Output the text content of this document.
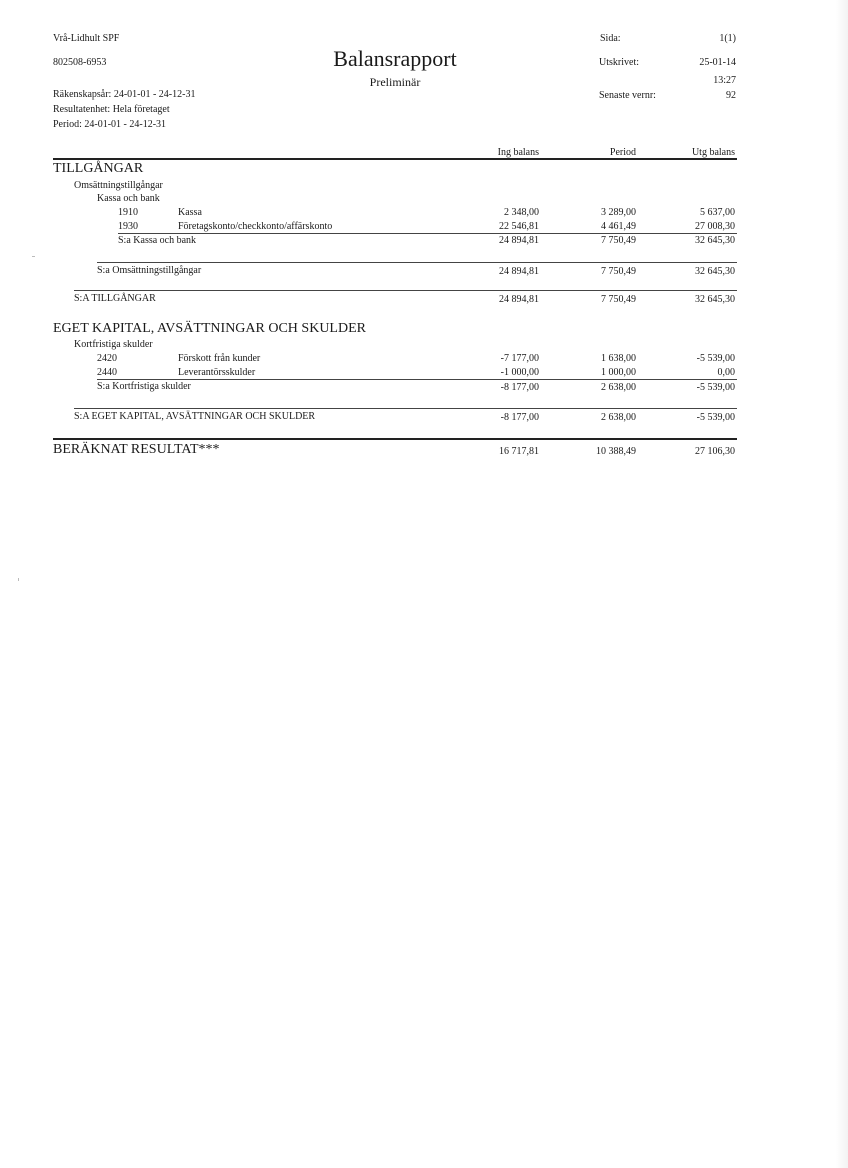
Vrå-Lidhult SPF
802508-6953	Balansrapport
Preliminär
Räkenskapsår: 24-01-01 - 24-12-31
Resultatenhet: Hela företaget
Period: 24-01-01 - 24-12-31
Sida:	1(1)
Utskrivet:	25-01-14
13:27
Senaste vernr:	92
Ing balans	Period	Utg balans
TILLGÅNGAR
Omsättningstillgångar
Kassa och bank
1910	Kassa	2 348,00	3 289,00	5 637,00
1930	Företagskonto/checkkonto/affärskonto	22 546,81	4 461,49	27 008,30
S:a Kassa och bank	24 894,81	7 750,49	32 645,30
S:a Omsättningstillgångar	24 894,81	7 750,49	32 645,30
S:A TILLGÅNGAR	24 894,81	7 750,49	32 645,30
EGET KAPITAL, AVSÄTTNINGAR OCH SKULDER
Kortfristiga skulder
2420	Förskott från kunder	-7 177,00	1 638,00	-5 539,00
2440	Leverantörsskulder	-1 000,00	1 000,00	0,00
S:a Kortfristiga skulder	-8 177,00	2 638,00	-5 539,00
S:A EGET KAPITAL, AVSÄTTNINGAR OCH SKULDER	-8 177,00	2 638,00	-5 539,00
BERÄKNAT RESULTAT***	16 717,81	10 388,49	27 106,30
